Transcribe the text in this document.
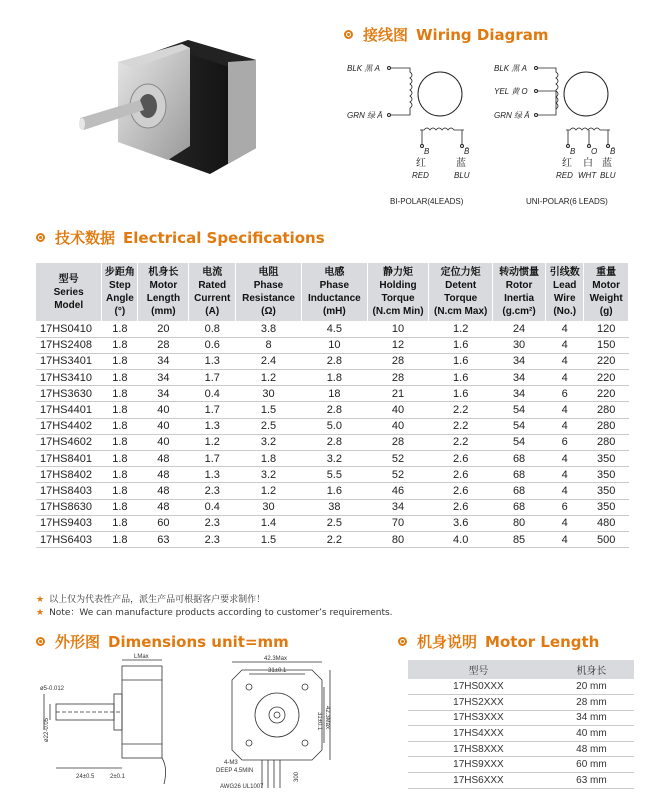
接线图 Wiring Diagram
BLK 黑 A
GRN 绿 Ā
B	B̄
红	蓝
RED	BLU
BI-POLAR(4LEADS)
BLK 黑 A
YEL 黄 O
GRN 绿 Ā
B O B̄
红 白 蓝
RED WHT BLU
UNI-POLAR(6 LEADS)
技术数据 Electrical Specifications
型号
Series
Model	步距角
Step
Angle
(°)	机身长
Motor
Length
(mm)	电流
Rated
Current
(A)	电阻
Phase
Resistance
(Ω)	电感
Phase
Inductance
(mH)	静力矩
Holding
Torque
(N.cm Min)	定位力矩
Detent
Torque
(N.cm Max)	转动惯量
Rotor
Inertia
(g.cm²)	引线数
Lead
Wire
(No.)	重量
Motor
Weight
(g)
17HS0410	1.8	20	0.8	3.8	4.5	10	1.2	24	4	120
17HS2408	1.8	28	0.6	8	10	12	1.6	30	4	150
17HS3401	1.8	34	1.3	2.4	2.8	28	1.6	34	4	220
17HS3410	1.8	34	1.7	1.2	1.8	28	1.6	34	4	220
17HS3630	1.8	34	0.4	30	18	21	1.6	34	6	220
17HS4401	1.8	40	1.7	1.5	2.8	40	2.2	54	4	280
17HS4402	1.8	40	1.3	2.5	5.0	40	2.2	54	4	280
17HS4602	1.8	40	1.2	3.2	2.8	28	2.2	54	6	280
17HS8401	1.8	48	1.7	1.8	3.2	52	2.6	68	4	350
17HS8402	1.8	48	1.3	3.2	5.5	52	2.6	68	4	350
17HS8403	1.8	48	2.3	1.2	1.6	46	2.6	68	4	350
17HS8630	1.8	48	0.4	30	38	34	2.6	68	6	350
17HS9403	1.8	60	2.3	1.4	2.5	70	3.6	80	4	480
17HS6403	1.8	63	2.3	1.5	2.2	80	4.0	85	4	500
★ 以上仅为代表性产品，派生产品可根据客户要求制作！
★ Note：We can manufacture products according to customer’s requirements.
外形图 Dimensions unit=mm
LMax
ø5-0.012
ø22-0.05
24±0.5	2±0.1
42.3Max
31±0.1
31±0.1 42.3Max
4-M3
DEEP 4.5MIN
AWG26 UL1007
300
机身说明 Motor Length
型号	机身长
17HS0XXX	20 mm
17HS2XXX	28 mm
17HS3XXX	34 mm
17HS4XXX	40 mm
17HS8XXX	48 mm
17HS9XXX	60 mm
17HS6XXX	63 mm
